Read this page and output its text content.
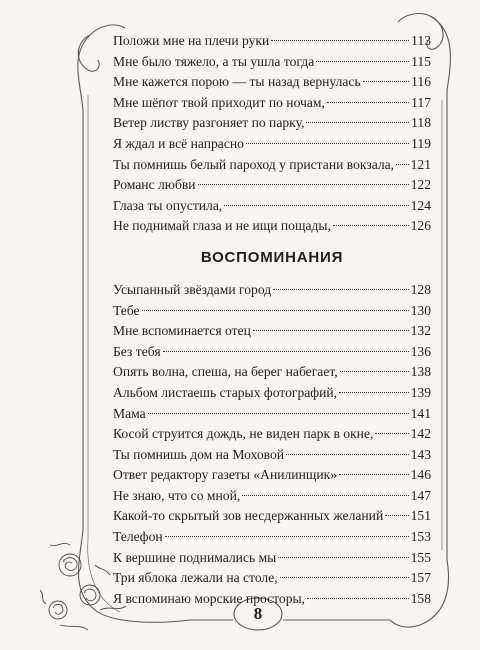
Положи мне на плечи руки	113
Мне было тяжело, а ты ушла тогда	115
Мне кажется порою — ты назад вернулась	116
Мне шёпот твой приходит по ночам,	117
Ветер листву разгоняет по парку,	118
Я ждал и всё напрасно	119
Ты помнишь белый пароход у пристани вокзала, 121
Романс любви	122
Глаза ты опустила,	124
Не поднимай глаза и не ищи пощады,	126
ВОСПОМИНАНИЯ
Усыпанный звёздами город	128
Тебе	130
Мне вспоминается отец	132
Без тебя	136
Опять волна, спеша, на берег набегает,	138
Альбом листаешь старых фотографий,	139
Мама	141
Косой струится дождь, не виден парк в окне,	142
Ты помнишь дом на Моховой	143
Ответ редактору газеты «Анилинщик»	146
Не знаю, что со мной,	147
Какой-то скрытый зов несдержанных желаний 151
Телефон	153
К вершине поднимались мы	155
Три яблока лежали на столе,	157
Я вспоминаю морские просторы,	158
8
